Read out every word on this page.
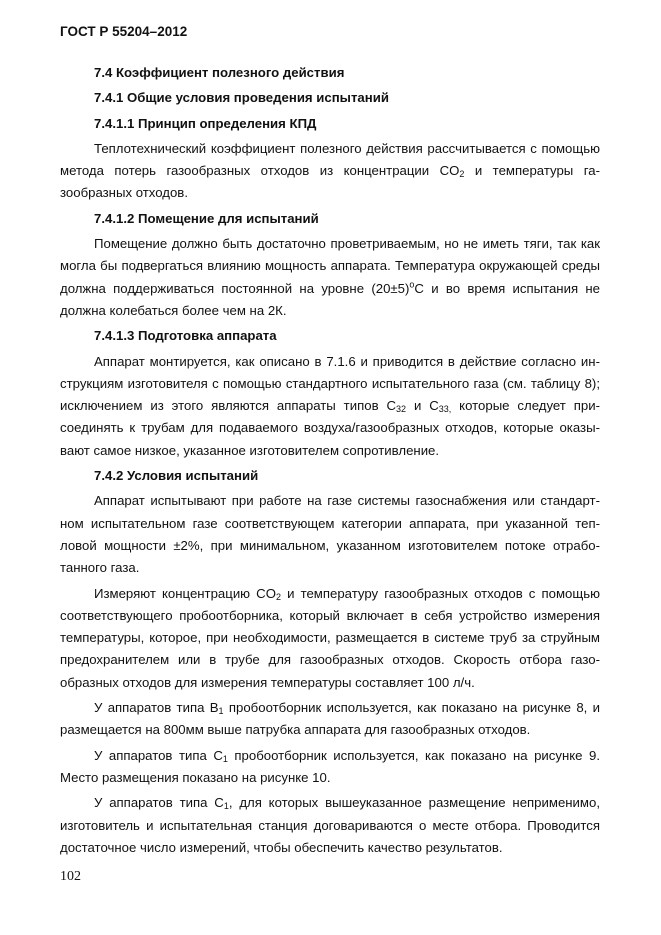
ГОСТ Р 55204–2012
7.4 Коэффициент полезного действия
7.4.1 Общие условия проведения испытаний
7.4.1.1 Принцип определения КПД
Теплотехнический коэффициент полезного действия рассчитывается с помощью метода потерь газообразных отходов из концентрации $CO_2$ и температуры газообразных отходов.
7.4.1.2 Помещение для испытаний
Помещение должно быть достаточно проветриваемым, но не иметь тяги, так как могла бы подвергаться влиянию мощность аппарата. Температура окружающей среды должна поддерживаться постоянной на уровне $(20\pm 5)^oС$ и во время испытания не должна колебаться более чем на 2К.
7.4.1.3 Подготовка аппарата
Аппарат монтируется, как описано в 7.1.6 и приводится в действие согласно инструкциям изготовителя с помощью стандартного испытательного газа (см. таблицу 8); исключением из этого являются аппараты типов $С_{32}$ и $С_{33,}$ которые следует присоединять к трубам для подаваемого воздуха/газообразных отходов, которые оказывают самое низкое, указанное изготовителем сопротивление.
7.4.2 Условия испытаний
Аппарат испытывают при работе на газе системы газоснабжения или стандартном испытательном газе соответствующем категории аппарата, при указанной тепловой мощности ±2%, при минимальном, указанном изготовителем потоке отработанного газа.
Измеряют концентрацию $CO_2$ и температуру газообразных отходов с помощью соответствующего пробоотборника, который включает в себя устройство измерения температуры, которое, при необходимости, размещается в системе труб за струйным предохранителем или в трубе для газообразных отходов. Скорость отбора газообразных отходов для измерения температуры составляет 100 л/ч.
У аппаратов типа $В_1$ пробоотборник используется, как показано на рисунке 8, и размещается на 800мм выше патрубка аппарата для газообразных отходов.
У аппаратов типа $С_1$ пробоотборник используется, как показано на рисунке 9. Место размещения показано на рисунке 10.
У аппаратов типа $С_1$, для которых вышеуказанное размещение неприменимо, изготовитель и испытательная станция договариваются о месте отбора. Проводится достаточное число измерений, чтобы обеспечить качество результатов.
102
